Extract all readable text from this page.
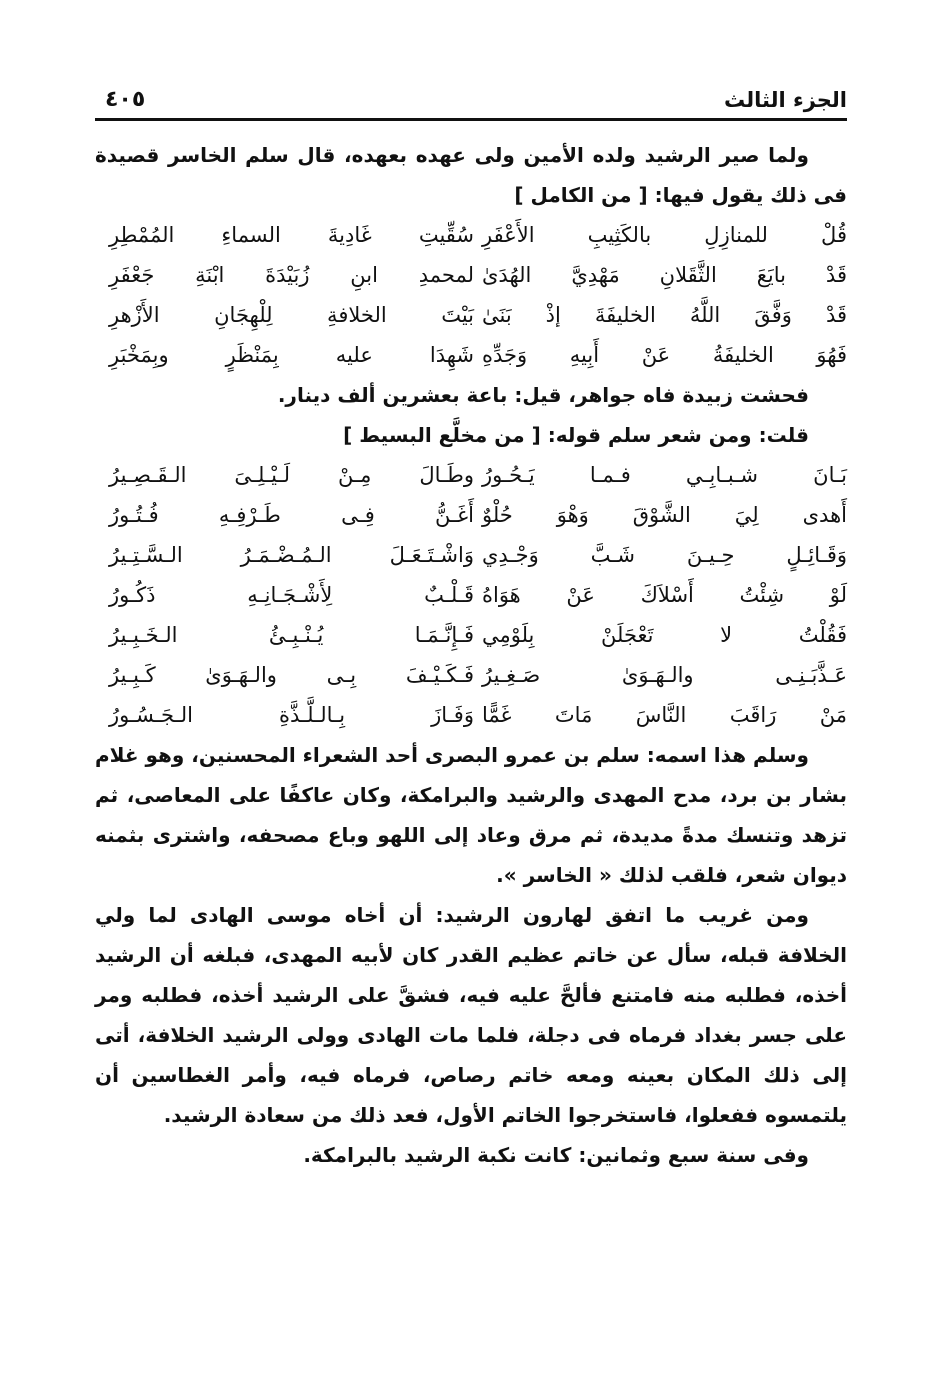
الجزء الثالث
٤٠٥
ولما صير الرشيد ولده الأمين ولى عهده بعهده، قال سلم الخاسر قصيدة فى ذلك يقول فيها: [ من الكامل ]
قُلْ للمنازِلِ بالكَثِيبِ الأَعْفَرِ
سُقِّيتِ غَادِيةَ السماءِ المُمْطِرِ
قَدْ بايَعَ الثَّقَلانِ مَهْدِيَّ الهُدَىٰ
لمحمدِ ابنِ زُبَيْدَةَ ابْنَةِ جَعْفَرِ
قَدْ وَفَّقَ اللَّهُ الخليفَةَ إذْ بَنَىٰ
بَيْتَ الخلافةِ لِلْهِجَانِ الأَزْهرِ
فَهُوَ الخليفَةُ عَنْ أَبِيهِ وَجَدِّهِ
شَهِدَا عليه بِمَنْظَرٍ وبِمَخْبَرِ
فحشت زبيدة فاه جواهر، قيل: باعة بعشرين ألف دينار.
قلت: ومن شعر سلم قوله: [ من مخلَّع البسيط ]
بَـانَ شـبـابِـي فـمـا يَـحُـورُ
وطَـالَ مِـنْ لَـيْـلِـىَ الـقَـصِـيرُ
أَهدى لِيَ الشَّوْقَ وَهْوَ حُلْوٌ
أَغَـنُّ فِـى طَـرْفِـهِ فُـتُـورُ
وَقَـائِـلٍ حِـيـنَ شَـبَّ وَجْـدِي
وَاشْـتَـعَـلَ الـمُـضْـمَـرُ الـسَّـتِـيرُ
لَوْ شِئْتُ أَسْلاَكَ عَنْ هَوَاهُ
قَـلْـبٌ لِأَشْـجَـانِـهِ ذَكُـورُ
فَقُلْتُ لا تَعْجَلَنْ بِلَوْمِي
فَـإِنَّـمَـا يُـنْـبِـئُ الـخَـبِـيرُ
عَـذَّبَـنِـى والـهَـوَىٰ صَـغِـيرُ
فَـكَـيْـفَ بِـى والـهَـوَىٰ كَـبِـيرُ
مَنْ رَاقَبَ النَّاسَ مَاتَ غَمًّا
وَفَـازَ بِـالـلَّـذَّةِ الـجَـسُـورُ
وسلم هذا اسمه: سلم بن عمرو البصرى أحد الشعراء المحسنين، وهو غلام بشار بن برد، مدح المهدى والرشيد والبرامكة، وكان عاكفًا على المعاصى، ثم تزهد وتنسك مدةً مديدة، ثم مرق وعاد إلى اللهو وباع مصحفه، واشترى بثمنه ديوان شعر، فلقب لذلك « الخاسر ».
ومن غريب ما اتفق لهارون الرشيد: أن أخاه موسى الهادى لما ولي الخلافة قبله، سأل عن خاتم عظيم القدر كان لأبيه المهدى، فبلغه أن الرشيد أخذه، فطلبه منه فامتنع فألحَّ عليه فيه، فشقَّ على الرشيد أخذه، فطلبه ومر على جسر بغداد فرماه فى دجلة، فلما مات الهادى وولى الرشيد الخلافة، أتى إلى ذلك المكان بعينه ومعه خاتم رصاص، فرماه فيه، وأمر الغطاسين أن يلتمسوه ففعلوا، فاستخرجوا الخاتم الأول، فعد ذلك من سعادة الرشيد.
وفى سنة سبع وثمانين: كانت نكبة الرشيد بالبرامكة.
